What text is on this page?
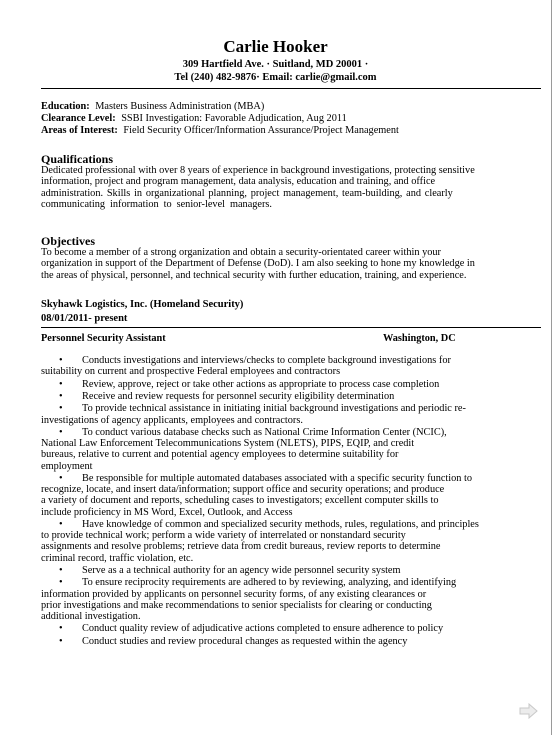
Carlie Hooker
309 Hartfield Ave. · Suitland, MD 20001 ·
Tel (240) 482-9876· Email: carlie@gmail.com
Education: Masters Business Administration (MBA)
Clearance Level: SSBI Investigation: Favorable Adjudication, Aug 2011
Areas of Interest: Field Security Officer/Information Assurance/Project Management
Qualifications
Dedicated professional with over 8 years of experience in background investigations, protecting sensitive
information, project and program management, data analysis, education and training, and office
administration. Skills in organizational planning, project management, team-building, and clearly
communicating information to senior-level managers.
Objectives
To become a member of a strong organization and obtain a security-orientated career within your
organization in support of the Department of Defense (DoD). I am also seeking to hone my knowledge in
the areas of physical, personnel, and technical security with further education, training, and experience.
Skyhawk Logistics, Inc. (Homeland Security)
08/01/2011- present
Personnel Security Assistant	Washington, DC
•	Conducts investigations and interviews/checks to complete background investigations for
suitability on current and prospective Federal employees and contractors
•	Review, approve, reject or take other actions as appropriate to process case completion
•	Receive and review requests for personnel security eligibility determination
•	To provide technical assistance in initiating initial background investigations and periodic re-
investigations of agency applicants, employees and contractors.
•	To conduct various database checks such as National Crime Information Center (NCIC),
National Law Enforcement Telecommunications System (NLETS), PIPS, EQIP, and credit
bureaus, relative to current and potential agency employees to determine suitability for
employment
•	Be responsible for multiple automated databases associated with a specific security function to
recognize, locate, and insert data/information; support office and security operations; and produce
a variety of document and reports, scheduling cases to investigators; excellent computer skills to
include proficiency in MS Word, Excel, Outlook, and Access
•	Have knowledge of common and specialized security methods, rules, regulations, and principles
to provide technical work; perform a wide variety of interrelated or nonstandard security
assignments and resolve problems; retrieve data from credit bureaus, review reports to determine
criminal record, traffic violation, etc.
•	Serve as a a technical authority for an agency wide personnel security system
•	To ensure reciprocity requirements are adhered to by reviewing, analyzing, and identifying
information provided by applicants on personnel security forms, of any existing clearances or
prior investigations and make recommendations to senior specialists for clearing or conducting
additional investigation.
•	Conduct quality review of adjudicative actions completed to ensure adherence to policy
•	Conduct studies and review procedural changes as requested within the agency
